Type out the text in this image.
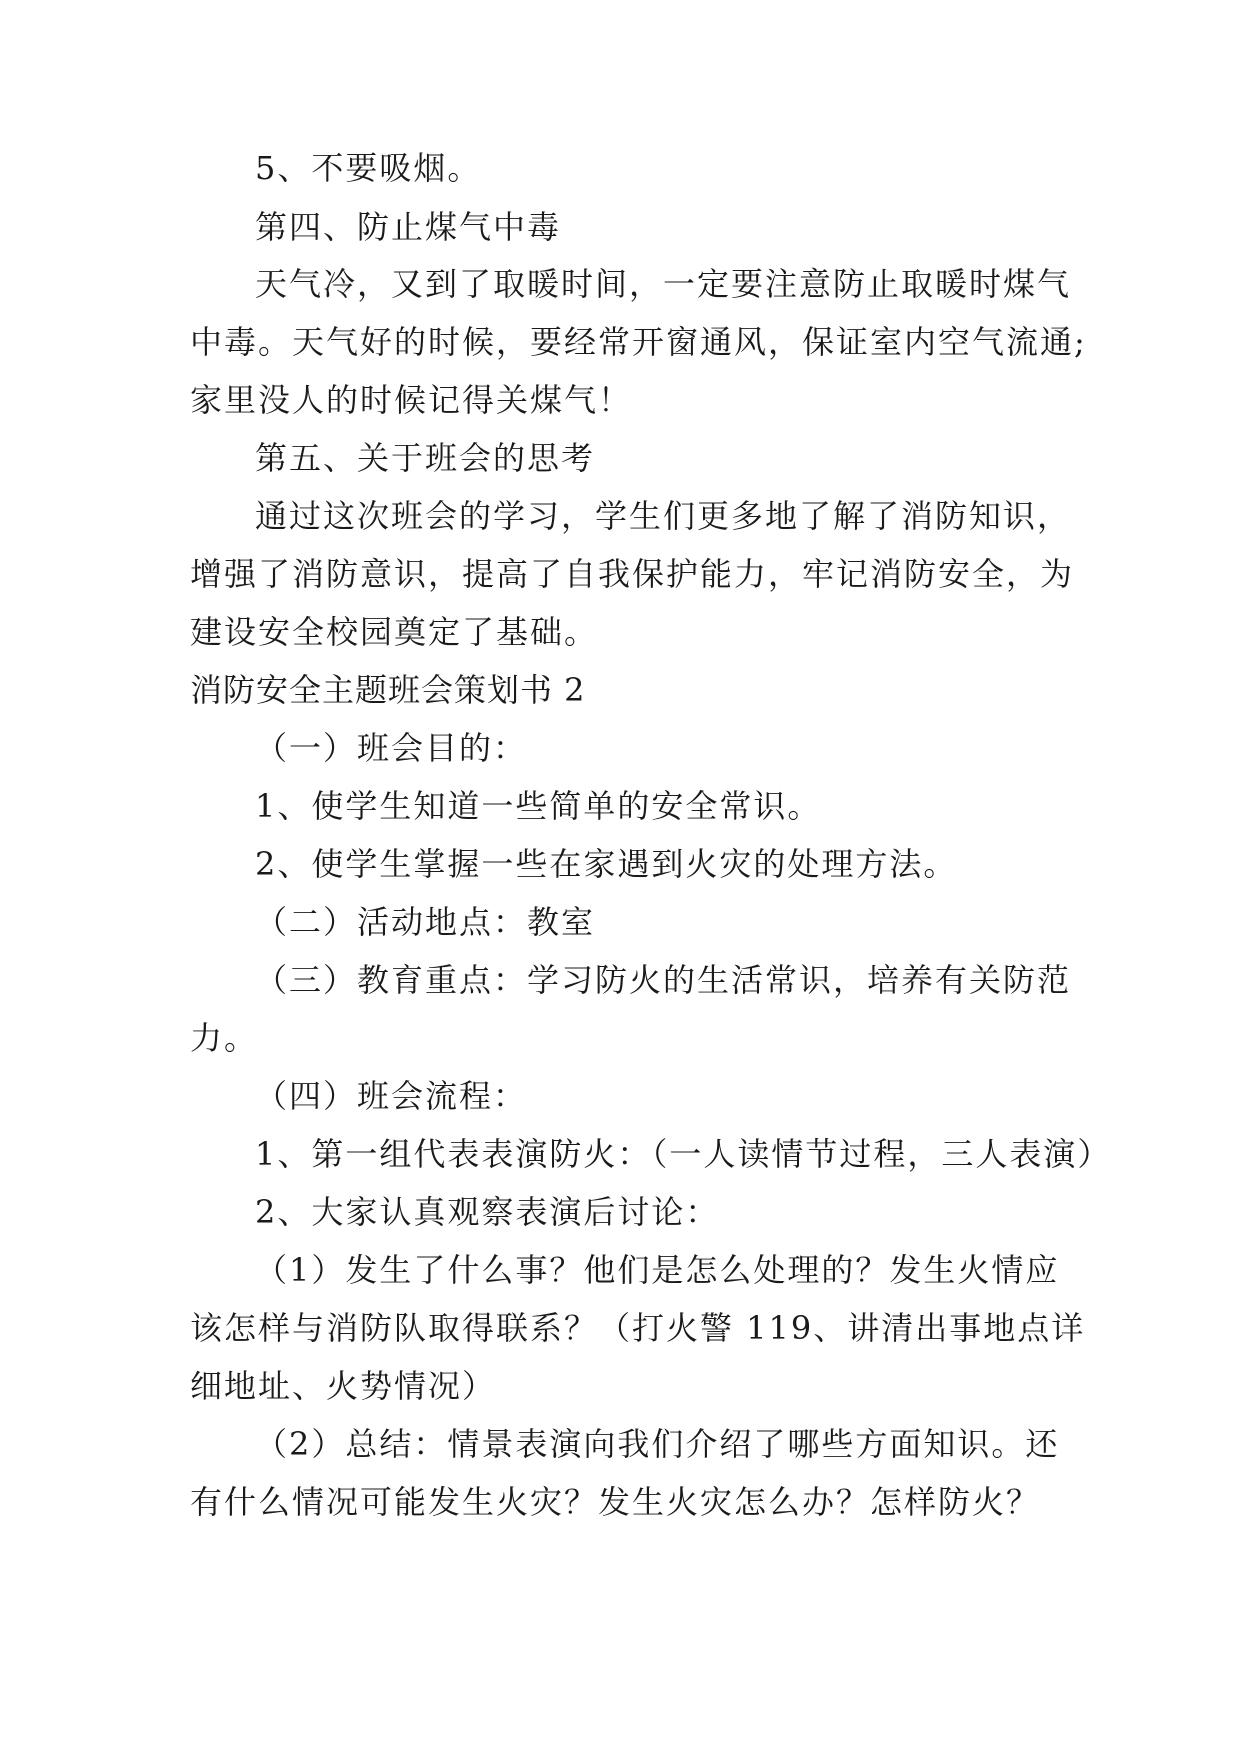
5、不要吸烟。
第四、防止煤气中毒
天气冷，又到了取暖时间，一定要注意防止取暖时煤气
中毒。天气好的时候，要经常开窗通风，保证室内空气流通;
家里没人的时候记得关煤气！
第五、关于班会的思考
通过这次班会的学习，学生们更多地了解了消防知识，
增强了消防意识，提高了自我保护能力，牢记消防安全，为
建设安全校园奠定了基础。
消防安全主题班会策划书 2
（一）班会目的：
1、使学生知道一些简单的安全常识。
2、使学生掌握一些在家遇到火灾的处理方法。
（二）活动地点：教室
（三）教育重点：学习防火的生活常识，培养有关防范
力。
（四）班会流程：
1、第一组代表表演防火：（一人读情节过程，三人表演）
2、大家认真观察表演后讨论：
（1）发生了什么事？他们是怎么处理的？发生火情应
该怎样与消防队取得联系？（打火警 119、讲清出事地点详
细地址、火势情况）
（2）总结：情景表演向我们介绍了哪些方面知识。还
有什么情况可能发生火灾？发生火灾怎么办？怎样防火？
